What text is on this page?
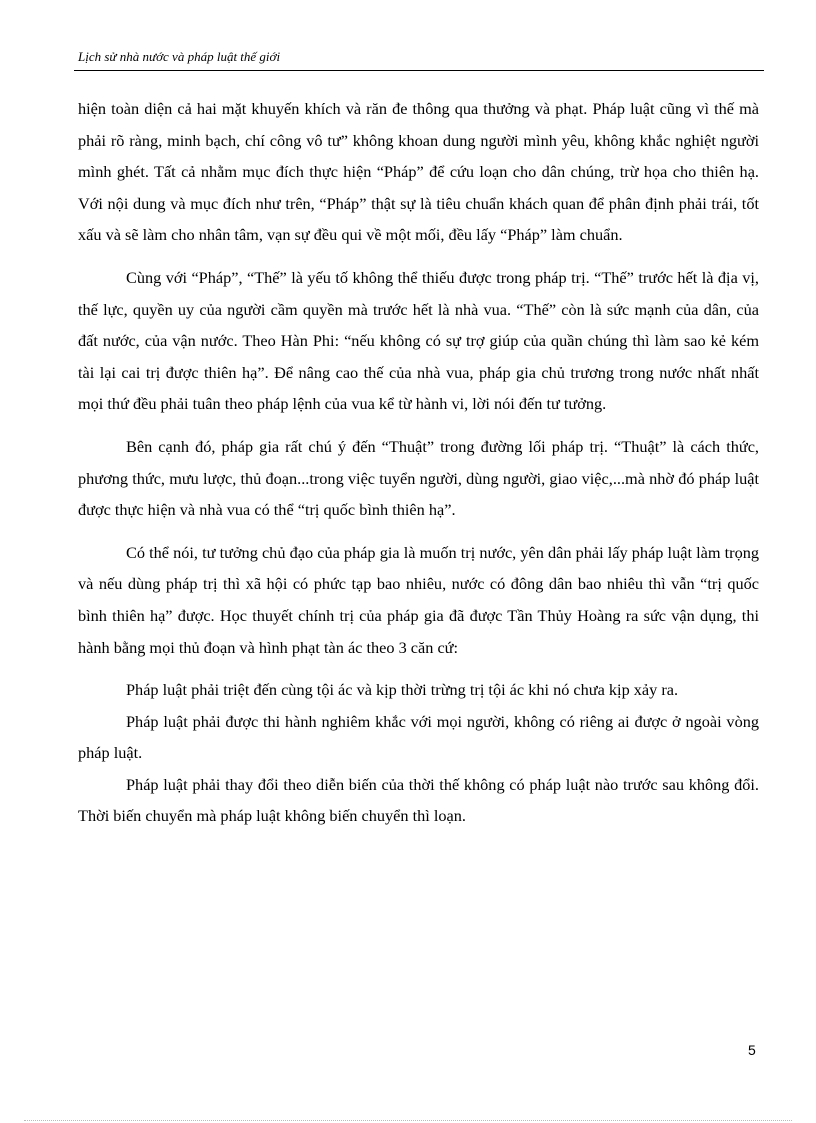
Lịch sử nhà nước và pháp luật thế giới

hiện toàn diện cả hai mặt khuyến khích và răn đe thông qua thưởng và phạt. Pháp luật cũng vì thế mà phải rõ ràng, minh bạch, chí công vô tư” không khoan dung người mình yêu, không khắc nghiệt người mình ghét. Tất cả nhằm mục đích thực hiện “Pháp” để cứu loạn cho dân chúng, trừ họa cho thiên hạ. Với nội dung và mục đích như trên, “Pháp” thật sự là tiêu chuẩn khách quan để phân định phải trái, tốt xấu và sẽ làm cho nhân tâm, vạn sự đều qui về một mối, đều lấy “Pháp” làm chuẩn.

Cùng với “Pháp”, “Thế” là yếu tố không thể thiếu được trong pháp trị. “Thế” trước hết là địa vị, thế lực, quyền uy của người cầm quyền mà trước hết là nhà vua. “Thế” còn là sức mạnh của dân, của đất nước, của vận nước. Theo Hàn Phi: “nếu không có sự trợ giúp của quần chúng thì làm sao kẻ kém tài lại cai trị được thiên hạ”. Để nâng cao thế của nhà vua, pháp gia chủ trương trong nước nhất nhất mọi thứ đều phải tuân theo pháp lệnh của vua kể từ hành vi, lời nói đến tư tưởng.

Bên cạnh đó, pháp gia rất chú ý đến “Thuật” trong đường lối pháp trị. “Thuật” là cách thức, phương thức, mưu lược, thủ đoạn...trong việc tuyển người, dùng người, giao việc,...mà nhờ đó pháp luật được thực hiện và nhà vua có thể “trị quốc bình thiên hạ”.

Có thể nói, tư tưởng chủ đạo của pháp gia là muốn trị nước, yên dân phải lấy pháp luật làm trọng và nếu dùng pháp trị thì xã hội có phức tạp bao nhiêu, nước có đông dân bao nhiêu thì vẫn “trị quốc bình thiên hạ” được. Học thuyết chính trị của pháp gia đã được Tần Thủy Hoàng ra sức vận dụng, thi hành bằng mọi thủ đoạn và hình phạt tàn ác theo 3 căn cứ:

Pháp luật phải triệt đến cùng tội ác và kịp thời trừng trị tội ác khi nó chưa kịp xảy ra.

Pháp luật phải được thi hành nghiêm khắc với mọi người, không có riêng ai được ở ngoài vòng pháp luật.

Pháp luật phải thay đổi theo diễn biến của thời thế không có pháp luật nào trước sau không đổi. Thời biến chuyển mà pháp luật không biến chuyển thì loạn.

5
